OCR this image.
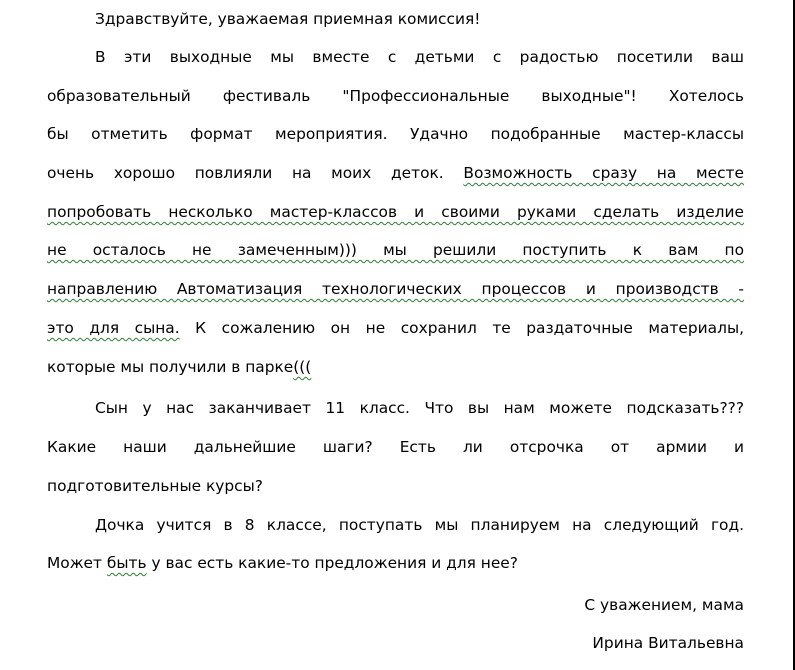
Здравствуйте, уважаемая приемная комиссия!
В эти выходные мы вместе с детьми с радостью посетили ваш
образовательный фестиваль "Профессиональные выходные"! Хотелось
бы отметить формат мероприятия. Удачно подобранные мастер-классы
очень хорошо повлияли на моих деток. Возможность сразу на месте
попробовать несколько мастер-классов и своими руками сделать изделие
не осталось не замеченным))) мы решили поступить к вам по
направлению Автоматизация технологических процессов и производств -
это для сына. К сожалению он не сохранил те раздаточные материалы,
которые мы получили в парке(((
Сын у нас заканчивает 11 класс. Что вы нам можете подсказать???
Какие наши дальнейшие шаги? Есть ли отсрочка от армии и
подготовительные курсы?
Дочка учится в 8 классе, поступать мы планируем на следующий год.
Может быть у вас есть какие-то предложения и для нее?
С уважением, мама
Ирина Витальевна
